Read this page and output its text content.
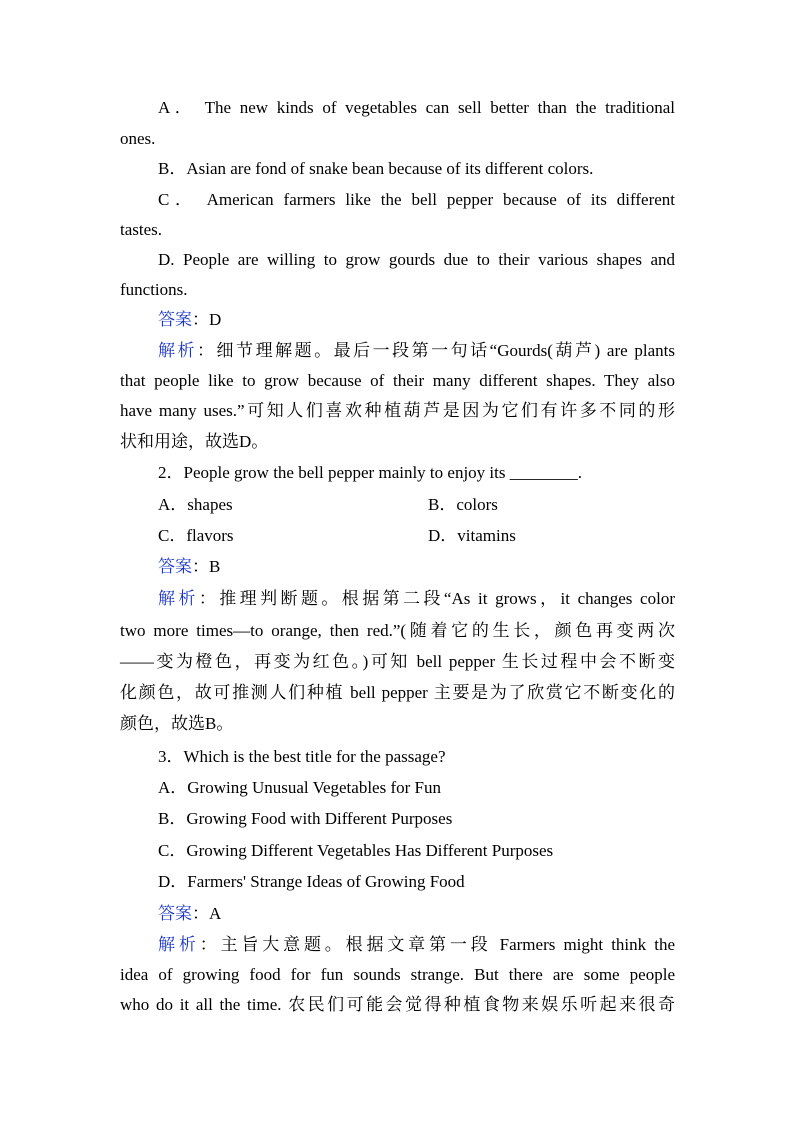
A． The new kinds of vegetables can sell better than the traditional
ones.
B．Asian are fond of snake bean because of its different colors.
C． American farmers like the bell pepper because of its different
tastes.
D. People are willing to grow gourds due to their various shapes and
functions.
答案：D
解析：细节理解题。最后一段第一句话“Gourds(葫芦) are plants
that people like to grow because of their many different shapes. They also
have many uses.”可知人们喜欢种植葫芦是因为它们有许多不同的形
状和用途，故选D。
2．People grow the bell pepper mainly to enjoy its ________.
A．shapes	B．colors
C．flavors	D．vitamins
答案：B
解析：推理判断题。根据第二段“As it grows，it changes color
two more times—to orange, then red.”(随着它的生长，颜色再变两次
——变为橙色，再变为红色。)可知 bell pepper 生长过程中会不断变
化颜色，故可推测人们种植 bell pepper 主要是为了欣赏它不断变化的
颜色，故选B。
3．Which is the best title for the passage?
A．Growing Unusual Vegetables for Fun
B．Growing Food with Different Purposes
C．Growing Different Vegetables Has Different Purposes
D．Farmers' Strange Ideas of Growing Food
答案：A
解析：主旨大意题。根据文章第一段 Farmers might think the
idea of growing food for fun sounds strange. But there are some people
who do it all the time. 农民们可能会觉得种植食物来娱乐听起来很奇
